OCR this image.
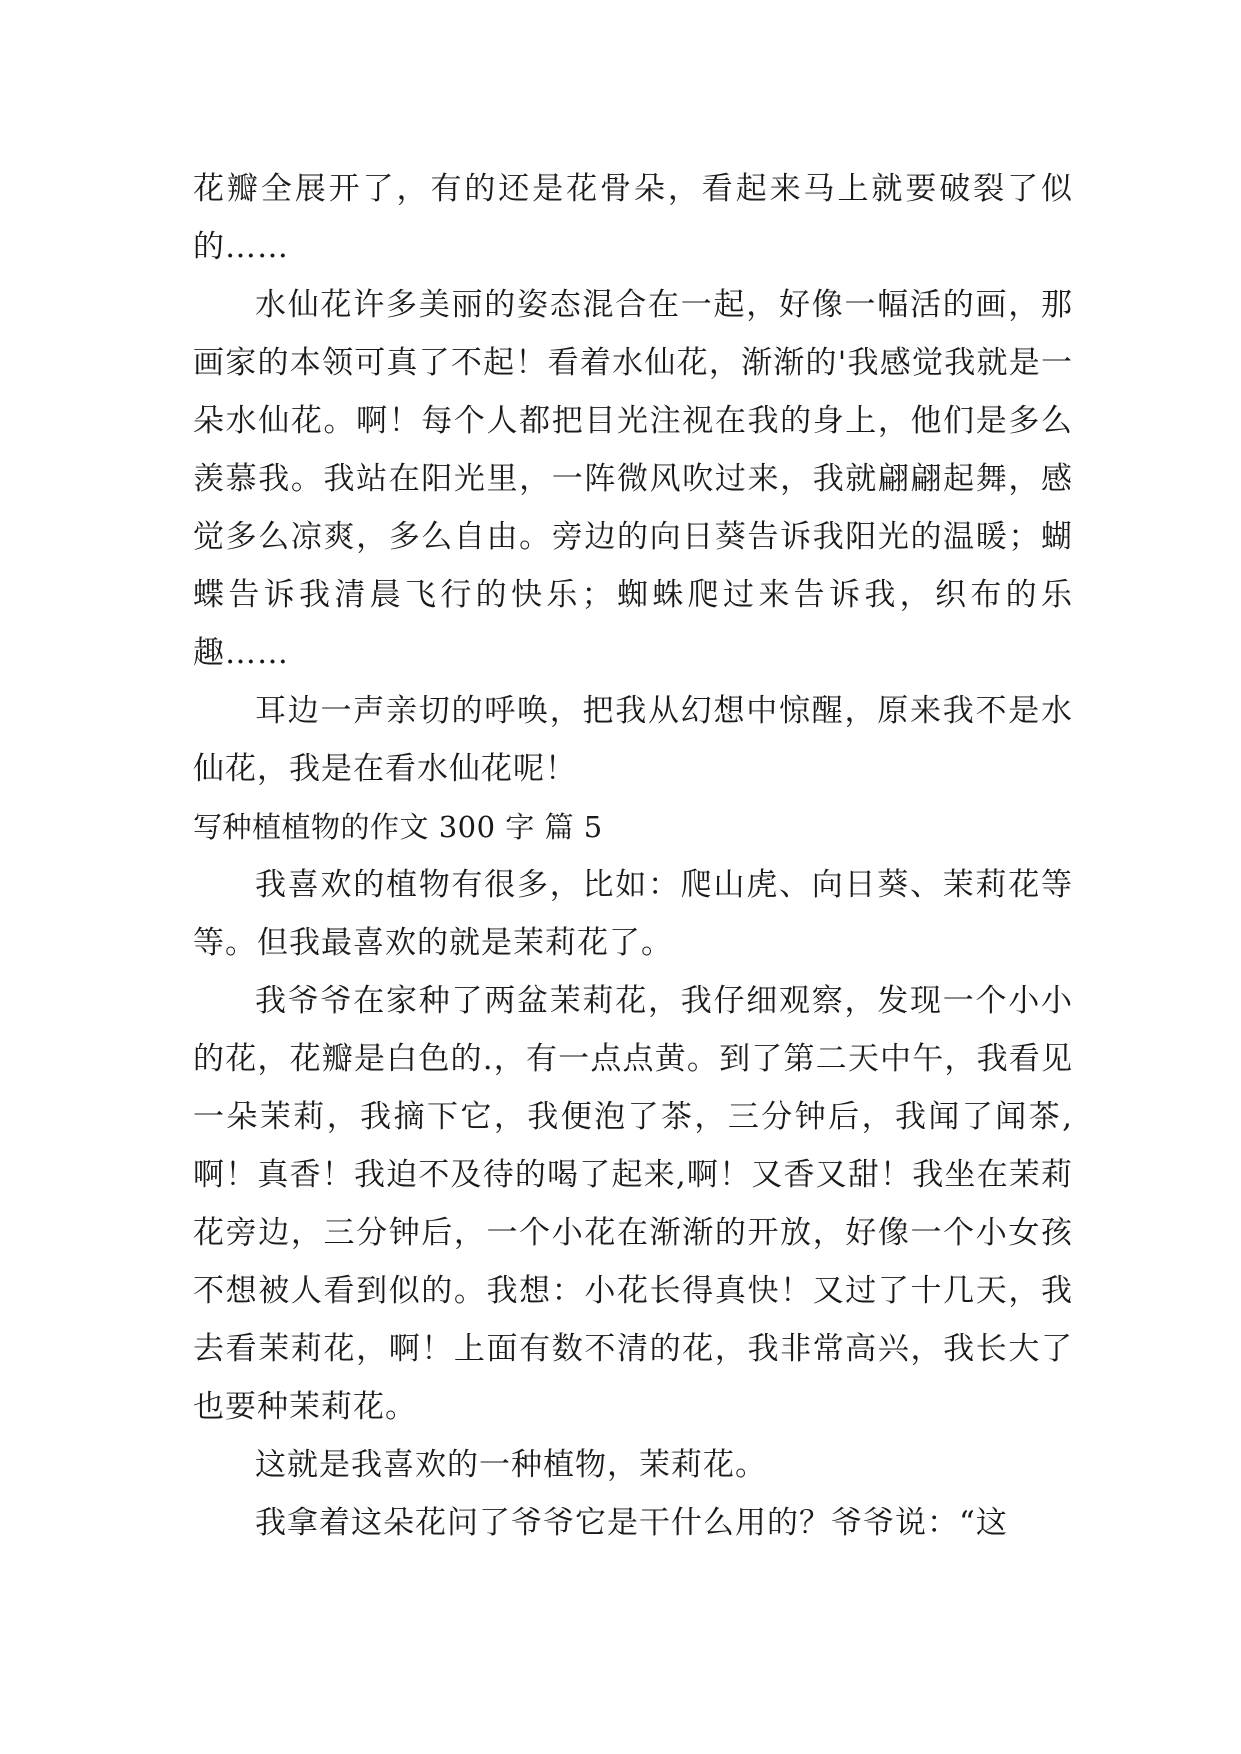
花瓣全展开了，有的还是花骨朵，看起来马上就要破裂了似的……

水仙花许多美丽的姿态混合在一起，好像一幅活的画，那画家的本领可真了不起！看着水仙花，渐渐的'我感觉我就是一朵水仙花。啊！每个人都把目光注视在我的身上，他们是多么羡慕我。我站在阳光里，一阵微风吹过来，我就翩翩起舞，感觉多么凉爽，多么自由。旁边的向日葵告诉我阳光的温暖；蝴蝶告诉我清晨飞行的快乐；蜘蛛爬过来告诉我，织布的乐趣……

耳边一声亲切的呼唤，把我从幻想中惊醒，原来我不是水仙花，我是在看水仙花呢！

写种植植物的作文 300 字 篇 5

我喜欢的植物有很多，比如：爬山虎、向日葵、茉莉花等等。但我最喜欢的就是茉莉花了。

我爷爷在家种了两盆茉莉花，我仔细观察，发现一个小小的花，花瓣是白色的.，有一点点黄。到了第二天中午，我看见一朵茉莉，我摘下它，我便泡了茶，三分钟后，我闻了闻茶,啊！真香！我迫不及待的喝了起来,啊！又香又甜！我坐在茉莉花旁边，三分钟后，一个小花在渐渐的开放，好像一个小女孩不想被人看到似的。我想：小花长得真快！又过了十几天，我去看茉莉花，啊！上面有数不清的花，我非常高兴，我长大了也要种茉莉花。

这就是我喜欢的一种植物，茉莉花。

我拿着这朵花问了爷爷它是干什么用的？爷爷说：“这
